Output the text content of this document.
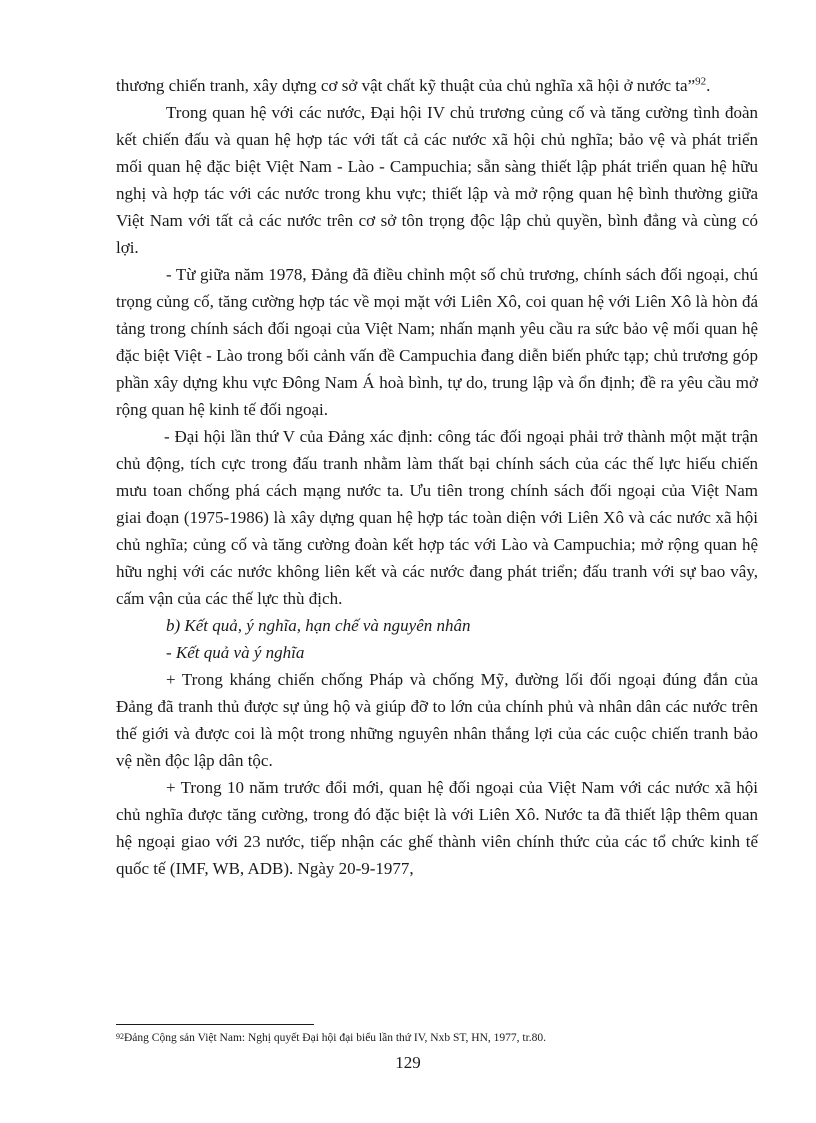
thương chiến tranh, xây dựng cơ sở vật chất kỹ thuật của chủ nghĩa xã hội ở nước ta”$^{92}$.

Trong quan hệ với các nước, Đại hội IV chủ trương củng cố và tăng cường tình đoàn kết chiến đấu và quan hệ hợp tác với tất cả các nước xã hội chủ nghĩa; bảo vệ và phát triển mối quan hệ đặc biệt Việt Nam - Lào - Campuchia; sẵn sàng thiết lập phát triển quan hệ hữu nghị và hợp tác với các nước trong khu vực; thiết lập và mở rộng quan hệ bình thường giữa Việt Nam với tất cả các nước trên cơ sở tôn trọng độc lập chủ quyền, bình đẳng và cùng có lợi.

- Từ giữa năm 1978, Đảng đã điều chỉnh một số chủ trương, chính sách đối ngoại, chú trọng củng cố, tăng cường hợp tác về mọi mặt với Liên Xô, coi quan hệ với Liên Xô là hòn đá tảng trong chính sách đối ngoại của Việt Nam; nhấn mạnh yêu cầu ra sức bảo vệ mối quan hệ đặc biệt Việt - Lào trong bối cảnh vấn đề Campuchia đang diễn biến phức tạp; chủ trương góp phần xây dựng khu vực Đông Nam Á hoà bình, tự do, trung lập và ổn định; đề ra yêu cầu mở rộng quan hệ kinh tế đối ngoại.

- Đại hội lần thứ V của Đảng xác định: công tác đối ngoại phải trở thành một mặt trận chủ động, tích cực trong đấu tranh nhằm làm thất bại chính sách của các thế lực hiếu chiến mưu toan chống phá cách mạng nước ta. Ưu tiên trong chính sách đối ngoại của Việt Nam giai đoạn (1975-1986) là xây dựng quan hệ hợp tác toàn diện với Liên Xô và các nước xã hội chủ nghĩa; củng cố và tăng cường đoàn kết hợp tác với Lào và Campuchia; mở rộng quan hệ hữu nghị với các nước không liên kết và các nước đang phát triển; đấu tranh với sự bao vây, cấm vận của các thế lực thù địch.

b) Kết quả, ý nghĩa, hạn chế và nguyên nhân

- Kết quả và ý nghĩa

+ Trong kháng chiến chống Pháp và chống Mỹ, đường lối đối ngoại đúng đắn của Đảng đã tranh thủ được sự ủng hộ và giúp đỡ to lớn của chính phủ và nhân dân các nước trên thế giới và được coi là một trong những nguyên nhân thắng lợi của các cuộc chiến tranh bảo vệ nền độc lập dân tộc.

+ Trong 10 năm trước đổi mới, quan hệ đối ngoại của Việt Nam với các nước xã hội chủ nghĩa được tăng cường, trong đó đặc biệt là với Liên Xô. Nước ta đã thiết lập thêm quan hệ ngoại giao với 23 nước, tiếp nhận các ghế thành viên chính thức của các tổ chức kinh tế quốc tế (IMF, WB, ADB). Ngày 20-9-1977,

$^{92}$Đảng Cộng sản Việt Nam: Nghị quyết Đại hội đại biểu lần thứ IV, Nxb ST, HN, 1977, tr.80.
129
